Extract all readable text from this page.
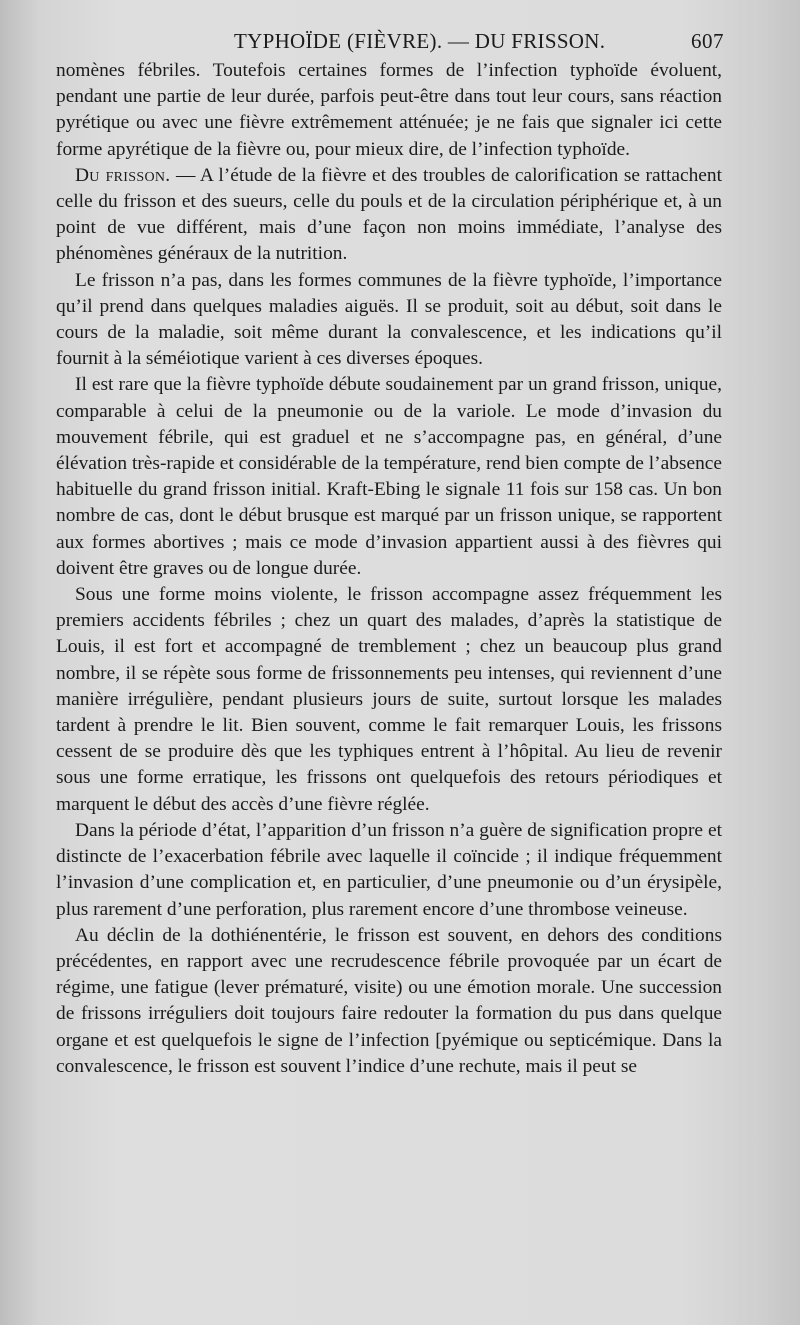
TYPHOÏDE (FIÈVRE). — DU FRISSON.	607

nomènes fébriles. Toutefois certaines formes de l’infection typhoïde évoluent, pendant une partie de leur durée, parfois peut-être dans tout leur cours, sans réaction pyrétique ou avec une fièvre extrêmement atténuée; je ne fais que signaler ici cette forme apyrétique de la fièvre ou, pour mieux dire, de l’infection typhoïde.

Du frisson. — A l’étude de la fièvre et des troubles de calorification se rattachent celle du frisson et des sueurs, celle du pouls et de la circulation périphérique et, à un point de vue différent, mais d’une façon non moins immédiate, l’analyse des phénomènes généraux de la nutrition.

Le frisson n’a pas, dans les formes communes de la fièvre typhoïde, l’importance qu’il prend dans quelques maladies aiguës. Il se produit, soit au début, soit dans le cours de la maladie, soit même durant la convalescence, et les indications qu’il fournit à la séméiotique varient à ces diverses époques.

Il est rare que la fièvre typhoïde débute soudainement par un grand frisson, unique, comparable à celui de la pneumonie ou de la variole. Le mode d’invasion du mouvement fébrile, qui est graduel et ne s’accompagne pas, en général, d’une élévation très-rapide et considérable de la température, rend bien compte de l’absence habituelle du grand frisson initial. Kraft-Ebing le signale 11 fois sur 158 cas. Un bon nombre de cas, dont le début brusque est marqué par un frisson unique, se rapportent aux formes abortives ; mais ce mode d’invasion appartient aussi à des fièvres qui doivent être graves ou de longue durée.

Sous une forme moins violente, le frisson accompagne assez fréquemment les premiers accidents fébriles ; chez un quart des malades, d’après la statistique de Louis, il est fort et accompagné de tremblement ; chez un beaucoup plus grand nombre, il se répète sous forme de frissonnements peu intenses, qui reviennent d’une manière irrégulière, pendant plusieurs jours de suite, surtout lorsque les malades tardent à prendre le lit. Bien souvent, comme le fait remarquer Louis, les frissons cessent de se produire dès que les typhiques entrent à l’hôpital. Au lieu de revenir sous une forme erratique, les frissons ont quelquefois des retours périodiques et marquent le début des accès d’une fièvre réglée.

Dans la période d’état, l’apparition d’un frisson n’a guère de signification propre et distincte de l’exacerbation fébrile avec laquelle il coïncide ; il indique fréquemment l’invasion d’une complication et, en particulier, d’une pneumonie ou d’un érysipèle, plus rarement d’une perforation, plus rarement encore d’une thrombose veineuse.

Au déclin de la dothiénentérie, le frisson est souvent, en dehors des conditions précédentes, en rapport avec une recrudescence fébrile provoquée par un écart de régime, une fatigue (lever prématuré, visite) ou une émotion morale. Une succession de frissons irréguliers doit toujours faire redouter la formation du pus dans quelque organe et est quelquefois le signe de l’infection [pyémique ou septicémique. Dans la convalescence, le frisson est souvent l’indice d’une rechute, mais il peut se
